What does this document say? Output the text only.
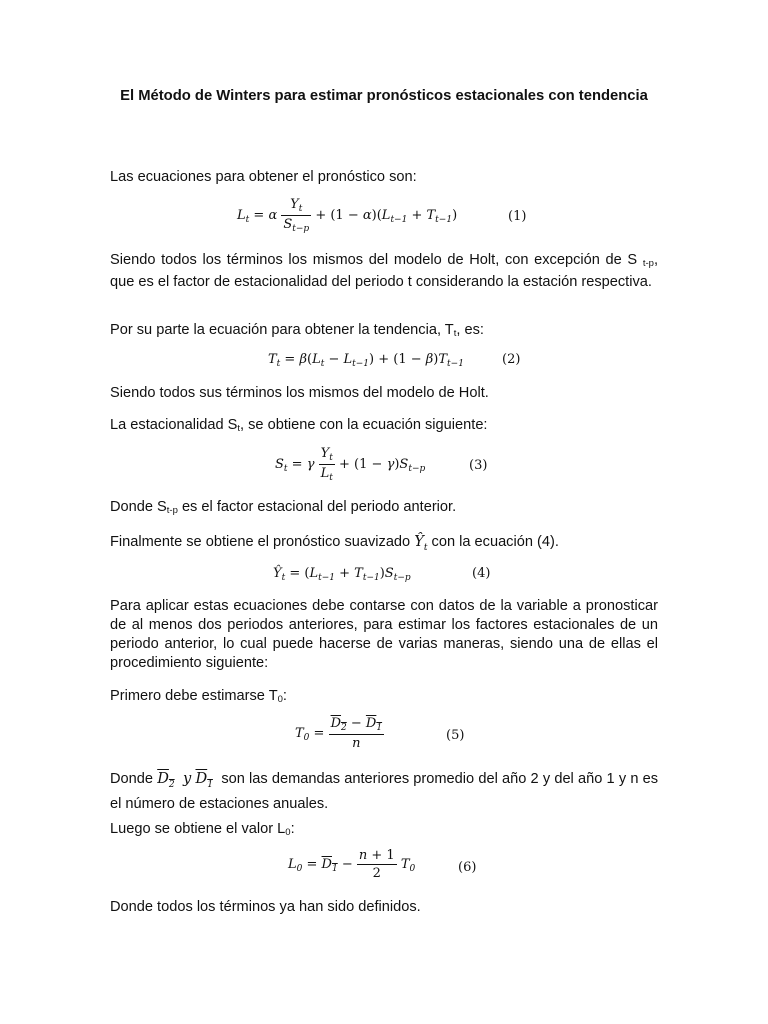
El Método de Winters para estimar pronósticos estacionales con tendencia

Las ecuaciones para obtener el pronóstico son:

$L_t = \alpha \frac{Y_t}{S_{t-p}} + (1 - \alpha)(L_{t-1} + T_{t-1})$	(1)

Siendo todos los términos los mismos del modelo de Holt, con excepción de S $_{t-p}$, que es el factor de estacionalidad del periodo t considerando la estación respectiva.

Por su parte la ecuación para obtener la tendencia, $T_t$, es:

$T_t = \beta(L_t - L_{t-1}) + (1 - \beta)T_{t-1}$	(2)

Siendo todos sus términos los mismos del modelo de Holt.

La estacionalidad $S_t$, se obtiene con la ecuación siguiente:

$S_t = \gamma \frac{Y_t}{L_t} + (1 - \gamma)S_{t-p}$	(3)

Donde $S_{t-p}$ es el factor estacional del periodo anterior.

Finalmente se obtiene el pronóstico suavizado $Ŷ_t$ con la ecuación (4).

$Ŷ_t = (L_{t-1} + T_{t-1})S_{t-p}$	(4)

Para aplicar estas ecuaciones debe contarse con datos de la variable a pronosticar de al menos dos periodos anteriores, para estimar los factores estacionales de un periodo anterior, lo cual puede hacerse de varias maneras, siendo una de ellas el procedimiento siguiente:

Primero debe estimarse $T_0$:

$T_0 = \frac{D_2 - D_1}{n}$	(5)

Donde $D_2$ y $D_1$  son las demandas anteriores promedio del año 2 y del año 1 y n es el número de estaciones anuales.

Luego se obtiene el valor $L_0$:

$L_0 = D_1 - \frac{n + 1}{2} T_0$	(6)

Donde todos los términos ya han sido definidos.
